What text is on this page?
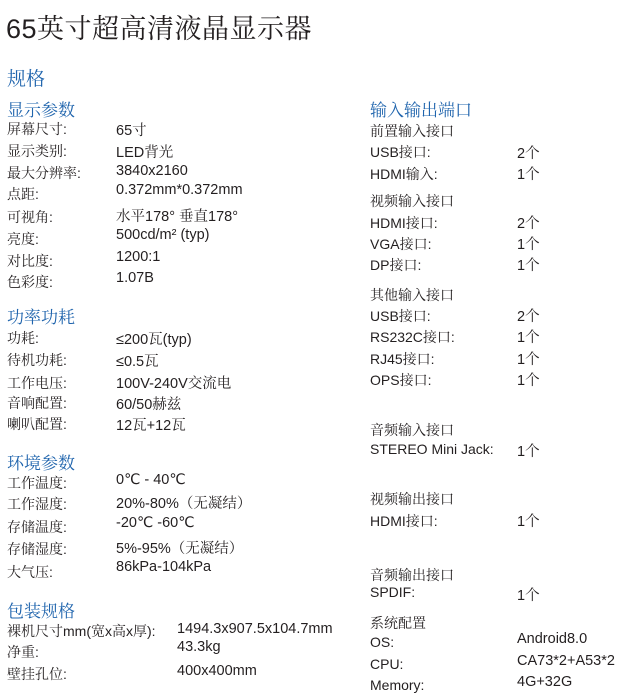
65英寸超高清液晶显示器
规格
显示参数
屏幕尺寸:	65寸
显示类别:	LED背光
最大分辨率: 3840x2160
点距:	0.372mm*0.372mm
可视角:	水平178° 垂直178°
亮度:	500cd/m² (typ)
对比度:	1200:1
色彩度:	1.07B
功率功耗
功耗:	≤200瓦(typ)
待机功耗:	≤0.5瓦
工作电压:	100V-240V交流电
音响配置:	60/50赫兹
喇叭配置:	12瓦+12瓦
环境参数
工作温度:	0℃ - 40℃
工作湿度:	20%-80%（无凝结）
存储温度:	-20℃ -60℃
存储湿度:	5%-95%（无凝结）
大气压:	86kPa-104kPa
包装规格
裸机尺寸mm(宽x高x厚): 1494.3x907.5x104.7mm
净重:	43.3kg
壁挂孔位:	400x400mm
输入输出端口
前置输入接口
USB接口:	2个
HDMI输入:	1个
视频输入接口
HDMI接口:	2个
VGA接口:	1个
DP接口:	1个
其他输入接口
USB接口:	2个
RS232C接口:	1个
RJ45接口:	1个
OPS接口:	1个
音频输入接口
STEREO Mini Jack: 1个
视频输出接口
HDMI接口:	1个
音频输出接口
SPDIF:	1个
系统配置
OS:	Android8.0
CPU:	CA73*2+A53*2
Memory:	4G+32G
